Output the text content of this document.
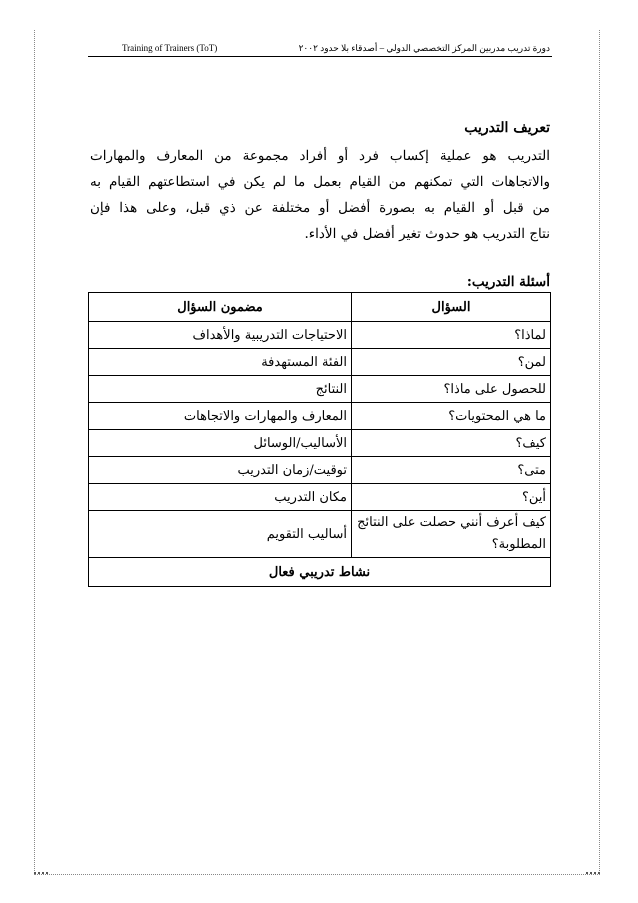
Training of Trainers (ToT)	دورة تدريب مدربين المركز التخصصي الدولي – أصدقاء بلا حدود ٢٠٠٢
تعريف التدريب
التدريب هو عملية إكساب فرد أو أفراد مجموعة من المعارف والمهارات
والاتجاهات التي تمكنهم من القيام بعمل ما لم يكن في استطاعتهم القيام به
من قبل أو القيام به بصورة أفضل أو مختلفة عن ذي قبل، وعلى هذا فإن
نتاج التدريب هو حدوث تغير أفضل في الأداء.
أسئلة التدريب:
السؤال	مضمون السؤال
لماذا؟	الاحتياجات التدريبية والأهداف
لمن؟	الفئة المستهدفة
للحصول على ماذا؟	النتائج
ما هي المحتويات؟	المعارف والمهارات والاتجاهات
كيف؟	الأساليب/الوسائل
متى؟	توقيت/زمان التدريب
أين؟	مكان التدريب

كيف أعرف أنني حصلت على النتائج
المطلوبة؟	أساليب التقويم
نشاط تدريبي فعال	
